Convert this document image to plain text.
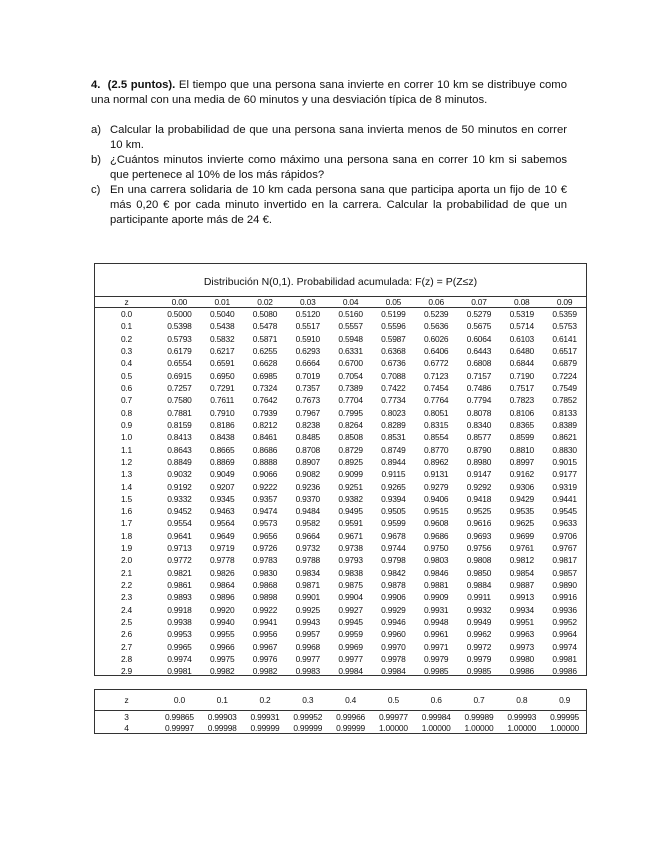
4. (2.5 puntos). El tiempo que una persona sana invierte en correr 10 km se distribuye como una normal con una media de 60 minutos y una desviación típica de 8 minutos.

a) Calcular la probabilidad de que una persona sana invierta menos de 50 minutos en correr 10 km.
b) ¿Cuántos minutos invierte como máximo una persona sana en correr 10 km si sabemos que pertenece al 10% de los más rápidos?
c) En una carrera solidaria de 10 km cada persona sana que participa aporta un fijo de 10 € más 0,20 € por cada minuto invertido en la carrera. Calcular la probabilidad de que un participante aporte más de 24 €.
Distribución N(0,1). Probabilidad acumulada: F(z) = P(Z≤z)
z	0.00	0.01	0.02	0.03	0.04	0.05	0.06	0.07	0.08	0.09
0.0	0.5000	0.5040	0.5080	0.5120	0.5160	0.5199	0.5239	0.5279	0.5319	0.5359
0.1	0.5398	0.5438	0.5478	0.5517	0.5557	0.5596	0.5636	0.5675	0.5714	0.5753
0.2	0.5793	0.5832	0.5871	0.5910	0.5948	0.5987	0.6026	0.6064	0.6103	0.6141
0.3	0.6179	0.6217	0.6255	0.6293	0.6331	0.6368	0.6406	0.6443	0.6480	0.6517
0.4	0.6554	0.6591	0.6628	0.6664	0.6700	0.6736	0.6772	0.6808	0.6844	0.6879
0.5	0.6915	0.6950	0.6985	0.7019	0.7054	0.7088	0.7123	0.7157	0.7190	0.7224
0.6	0.7257	0.7291	0.7324	0.7357	0.7389	0.7422	0.7454	0.7486	0.7517	0.7549
0.7	0.7580	0.7611	0.7642	0.7673	0.7704	0.7734	0.7764	0.7794	0.7823	0.7852
0.8	0.7881	0.7910	0.7939	0.7967	0.7995	0.8023	0.8051	0.8078	0.8106	0.8133
0.9	0.8159	0.8186	0.8212	0.8238	0.8264	0.8289	0.8315	0.8340	0.8365	0.8389
1.0	0.8413	0.8438	0.8461	0.8485	0.8508	0.8531	0.8554	0.8577	0.8599	0.8621
1.1	0.8643	0.8665	0.8686	0.8708	0.8729	0.8749	0.8770	0.8790	0.8810	0.8830
1.2	0.8849	0.8869	0.8888	0.8907	0.8925	0.8944	0.8962	0.8980	0.8997	0.9015
1.3	0.9032	0.9049	0.9066	0.9082	0.9099	0.9115	0.9131	0.9147	0.9162	0.9177
1.4	0.9192	0.9207	0.9222	0.9236	0.9251	0.9265	0.9279	0.9292	0.9306	0.9319
1.5	0.9332	0.9345	0.9357	0.9370	0.9382	0.9394	0.9406	0.9418	0.9429	0.9441
1.6	0.9452	0.9463	0.9474	0.9484	0.9495	0.9505	0.9515	0.9525	0.9535	0.9545
1.7	0.9554	0.9564	0.9573	0.9582	0.9591	0.9599	0.9608	0.9616	0.9625	0.9633
1.8	0.9641	0.9649	0.9656	0.9664	0.9671	0.9678	0.9686	0.9693	0.9699	0.9706
1.9	0.9713	0.9719	0.9726	0.9732	0.9738	0.9744	0.9750	0.9756	0.9761	0.9767
2.0	0.9772	0.9778	0.9783	0.9788	0.9793	0.9798	0.9803	0.9808	0.9812	0.9817
2.1	0.9821	0.9826	0.9830	0.9834	0.9838	0.9842	0.9846	0.9850	0.9854	0.9857
2.2	0.9861	0.9864	0.9868	0.9871	0.9875	0.9878	0.9881	0.9884	0.9887	0.9890
2.3	0.9893	0.9896	0.9898	0.9901	0.9904	0.9906	0.9909	0.9911	0.9913	0.9916
2.4	0.9918	0.9920	0.9922	0.9925	0.9927	0.9929	0.9931	0.9932	0.9934	0.9936
2.5	0.9938	0.9940	0.9941	0.9943	0.9945	0.9946	0.9948	0.9949	0.9951	0.9952
2.6	0.9953	0.9955	0.9956	0.9957	0.9959	0.9960	0.9961	0.9962	0.9963	0.9964
2.7	0.9965	0.9966	0.9967	0.9968	0.9969	0.9970	0.9971	0.9972	0.9973	0.9974
2.8	0.9974	0.9975	0.9976	0.9977	0.9977	0.9978	0.9979	0.9979	0.9980	0.9981
2.9	0.9981	0.9982	0.9982	0.9983	0.9984	0.9984	0.9985	0.9985	0.9986	0.9986
z	0.0	0.1	0.2	0.3	0.4	0.5	0.6	0.7	0.8	0.9
3	0.99865	0.99903	0.99931	0.99952	0.99966	0.99977	0.99984	0.99989	0.99993	0.99995
4	0.99997	0.99998	0.99999	0.99999	0.99999	1.00000	1.00000	1.00000	1.00000	1.00000
